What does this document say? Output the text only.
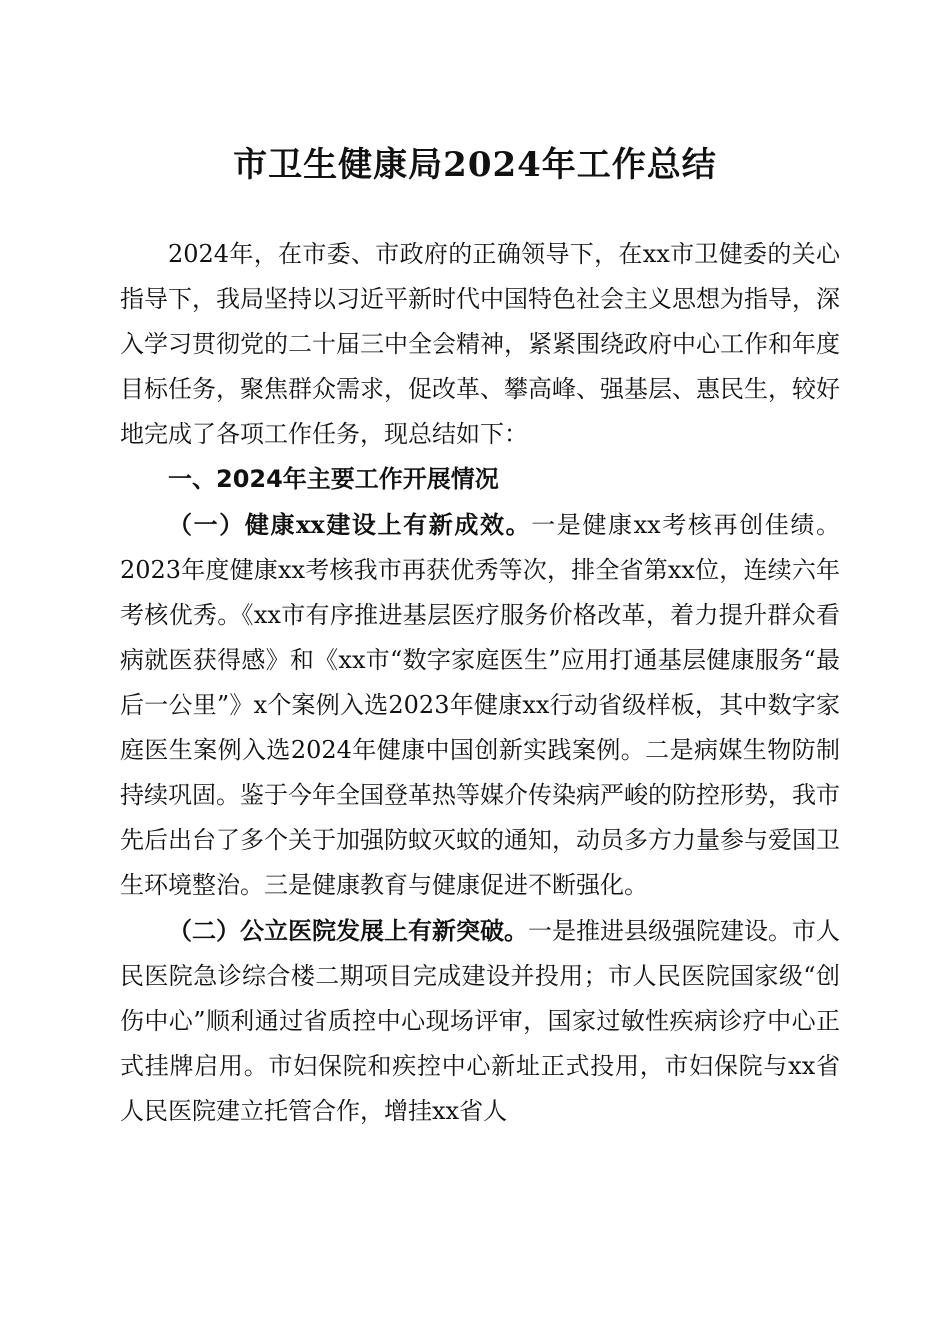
市卫生健康局2024年工作总结

2024年，在市委、市政府的正确领导下，在xx市卫健委的关心指导下，我局坚持以习近平新时代中国特色社会主义思想为指导，深入学习贯彻党的二十届三中全会精神，紧紧围绕政府中心工作和年度目标任务，聚焦群众需求，促改革、攀高峰、强基层、惠民生，较好地完成了各项工作任务，现总结如下：

一、2024年主要工作开展情况

（一）健康xx建设上有新成效。一是健康xx考核再创佳绩。2023年度健康xx考核我市再获优秀等次，排全省第xx位，连续六年考核优秀。《xx市有序推进基层医疗服务价格改革，着力提升群众看病就医获得感》和《xx市“数字家庭医生”应用打通基层健康服务“最后一公里”》x个案例入选2023年健康xx行动省级样板，其中数字家庭医生案例入选2024年健康中国创新实践案例。二是病媒生物防制持续巩固。鉴于今年全国登革热等媒介传染病严峻的防控形势，我市先后出台了多个关于加强防蚊灭蚊的通知，动员多方力量参与爱国卫生环境整治。三是健康教育与健康促进不断强化。

（二）公立医院发展上有新突破。一是推进县级强院建设。市人民医院急诊综合楼二期项目完成建设并投用；市人民医院国家级“创伤中心”顺利通过省质控中心现场评审，国家过敏性疾病诊疗中心正式挂牌启用。市妇保院和疾控中心新址正式投用，市妇保院与xx省人民医院建立托管合作，增挂xx省人
